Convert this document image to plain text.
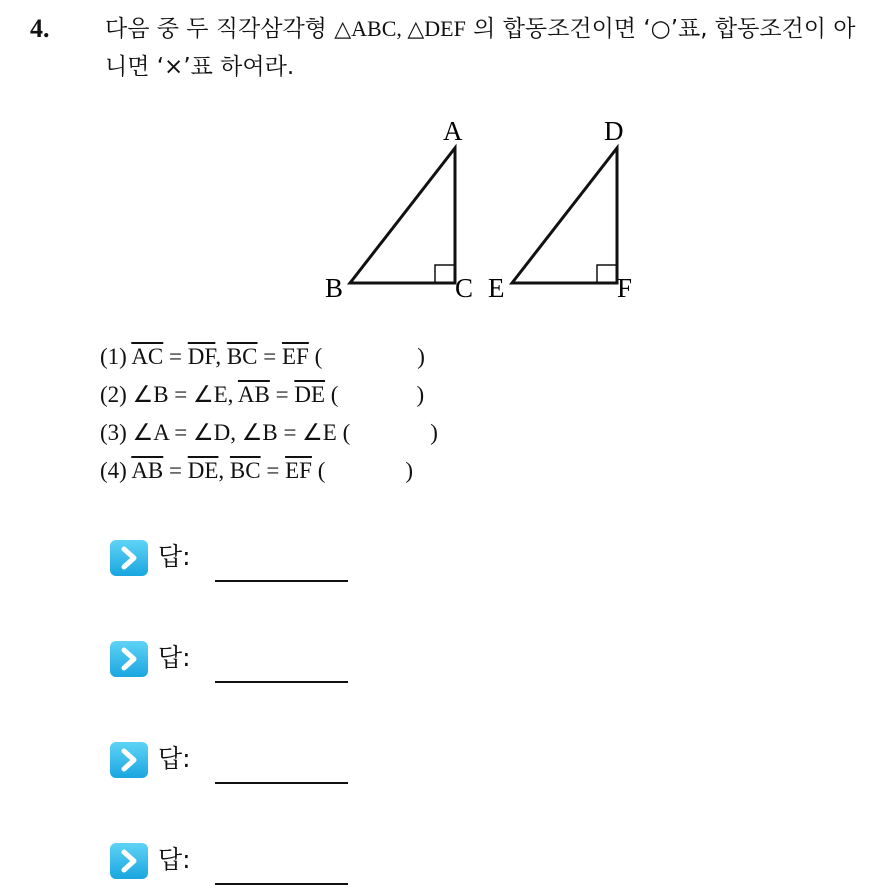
4. 다음 중 두 직각삼각형 △ABC, △DEF 의 합동조건이면 ‘○’표, 합동조건이 아니면 ‘×’표 하여라.
A
B	C
D
E	F
(1) $\overline{AC} = \overline{DF}$, $\overline{BC} = \overline{EF}$ (	)
(2) ∠B = ∠E, $\overline{AB} = \overline{DE}$ (	)
(3) ∠A = ∠D, ∠B = ∠E (	)
(4) $\overline{AB} = \overline{DE}$, $\overline{BC} = \overline{EF}$ (	)
답:
답:
답:
답:
